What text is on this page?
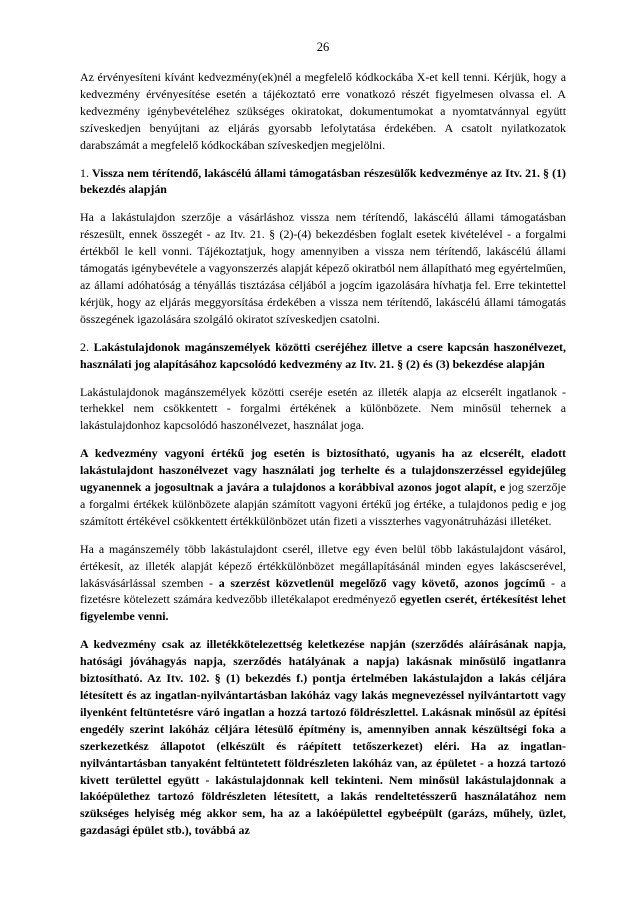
26

Az érvényesíteni kívánt kedvezmény(ek)nél a megfelelő kódkockába X-et kell tenni. Kérjük, hogy a kedvezmény érvényesítése esetén a tájékoztató erre vonatkozó részét figyelmesen olvassa el. A kedvezmény igénybevételéhez szükséges okiratokat, dokumentumokat a nyomtatvánnyal együtt szíveskedjen benyújtani az eljárás gyorsabb lefolytatása érdekében. A csatolt nyilatkozatok darabszámát a megfelelő kódkockában szíveskedjen megjelölni.

1. Vissza nem térítendő, lakáscélú állami támogatásban részesülők kedvezménye az Itv. 21. § (1) bekezdés alapján

Ha a lakástulajdon szerzője a vásárláshoz vissza nem térítendő, lakáscélú állami támogatásban részesült, ennek összegét - az Itv. 21. § (2)-(4) bekezdésben foglalt esetek kivételével - a forgalmi értékből le kell vonni. Tájékoztatjuk, hogy amennyiben a vissza nem térítendő, lakáscélú állami támogatás igénybevétele a vagyonszerzés alapját képező okiratból nem állapítható meg egyértelműen, az állami adóhatóság a tényállás tisztázása céljából a jogcím igazolására hívhatja fel. Erre tekintettel kérjük, hogy az eljárás meggyorsítása érdekében a vissza nem térítendő, lakáscélú állami támogatás összegének igazolására szolgáló okiratot szíveskedjen csatolni.

2. Lakástulajdonok magánszemélyek közötti cseréjéhez illetve a csere kapcsán haszonélvezet, használati jog alapításához kapcsolódó kedvezmény az Itv. 21. § (2) és (3) bekezdése alapján

Lakástulajdonok magánszemélyek közötti cseréje esetén az illeték alapja az elcserélt ingatlanok - terhekkel nem csökkentett - forgalmi értékének a különbözete. Nem minősül tehernek a lakástulajdonhoz kapcsolódó haszonélvezet, használat joga.

A kedvezmény vagyoni értékű jog esetén is biztosítható, ugyanis ha az elcserélt, eladott lakástulajdont haszonélvezet vagy használati jog terhelte és a tulajdonszerzéssel egyidejűleg ugyanennek a jogosultnak a javára a tulajdonos a korábbival azonos jogot alapít, e jog szerzője a forgalmi értékek különbözete alapján számított vagyoni értékű jog értéke, a tulajdonos pedig e jog számított értékével csökkentett értékkülönbözet után fizeti a visszterhes vagyonátruházási illetéket.

Ha a magánszemély több lakástulajdont cserél, illetve egy éven belül több lakástulajdont vásárol, értékesít, az illeték alapját képező értékkülönbözet megállapításánál minden egyes lakáscserével, lakásvásárlással szemben - a szerzést közvetlenül megelőző vagy követő, azonos jogcímű - a fizetésre kötelezett számára kedvezőbb illetékalapot eredményező egyetlen cserét, értékesítést lehet figyelembe venni.

A kedvezmény csak az illetékkötelezettség keletkezése napján (szerződés aláírásának napja, hatósági jóváhagyás napja, szerződés hatályának a napja) lakásnak minősülő ingatlanra biztosítható. Az Itv. 102. § (1) bekezdés f.) pontja értelmében lakástulajdon a lakás céljára létesített és az ingatlan-nyilvántartásban lakóház vagy lakás megnevezéssel nyilvántartott vagy ilyenként feltüntetésre váró ingatlan a hozzá tartozó földrészlettel. Lakásnak minősül az építési engedély szerint lakóház céljára létesülő építmény is, amennyiben annak készültségi foka a szerkezetkész állapotot (elkészült és ráépített tetőszerkezet) eléri. Ha az ingatlan-nyilvántartásban tanyaként feltüntetett földrészleten lakóház van, az épületet - a hozzá tartozó kivett területtel együtt - lakástulajdonnak kell tekinteni. Nem minősül lakástulajdonnak a lakóépülethez tartozó földrészleten létesített, a lakás rendeltetésszerű használatához nem szükséges helyiség még akkor sem, ha az a lakóépülettel egybeépült (garázs, műhely, üzlet, gazdasági épület stb.), továbbá az
